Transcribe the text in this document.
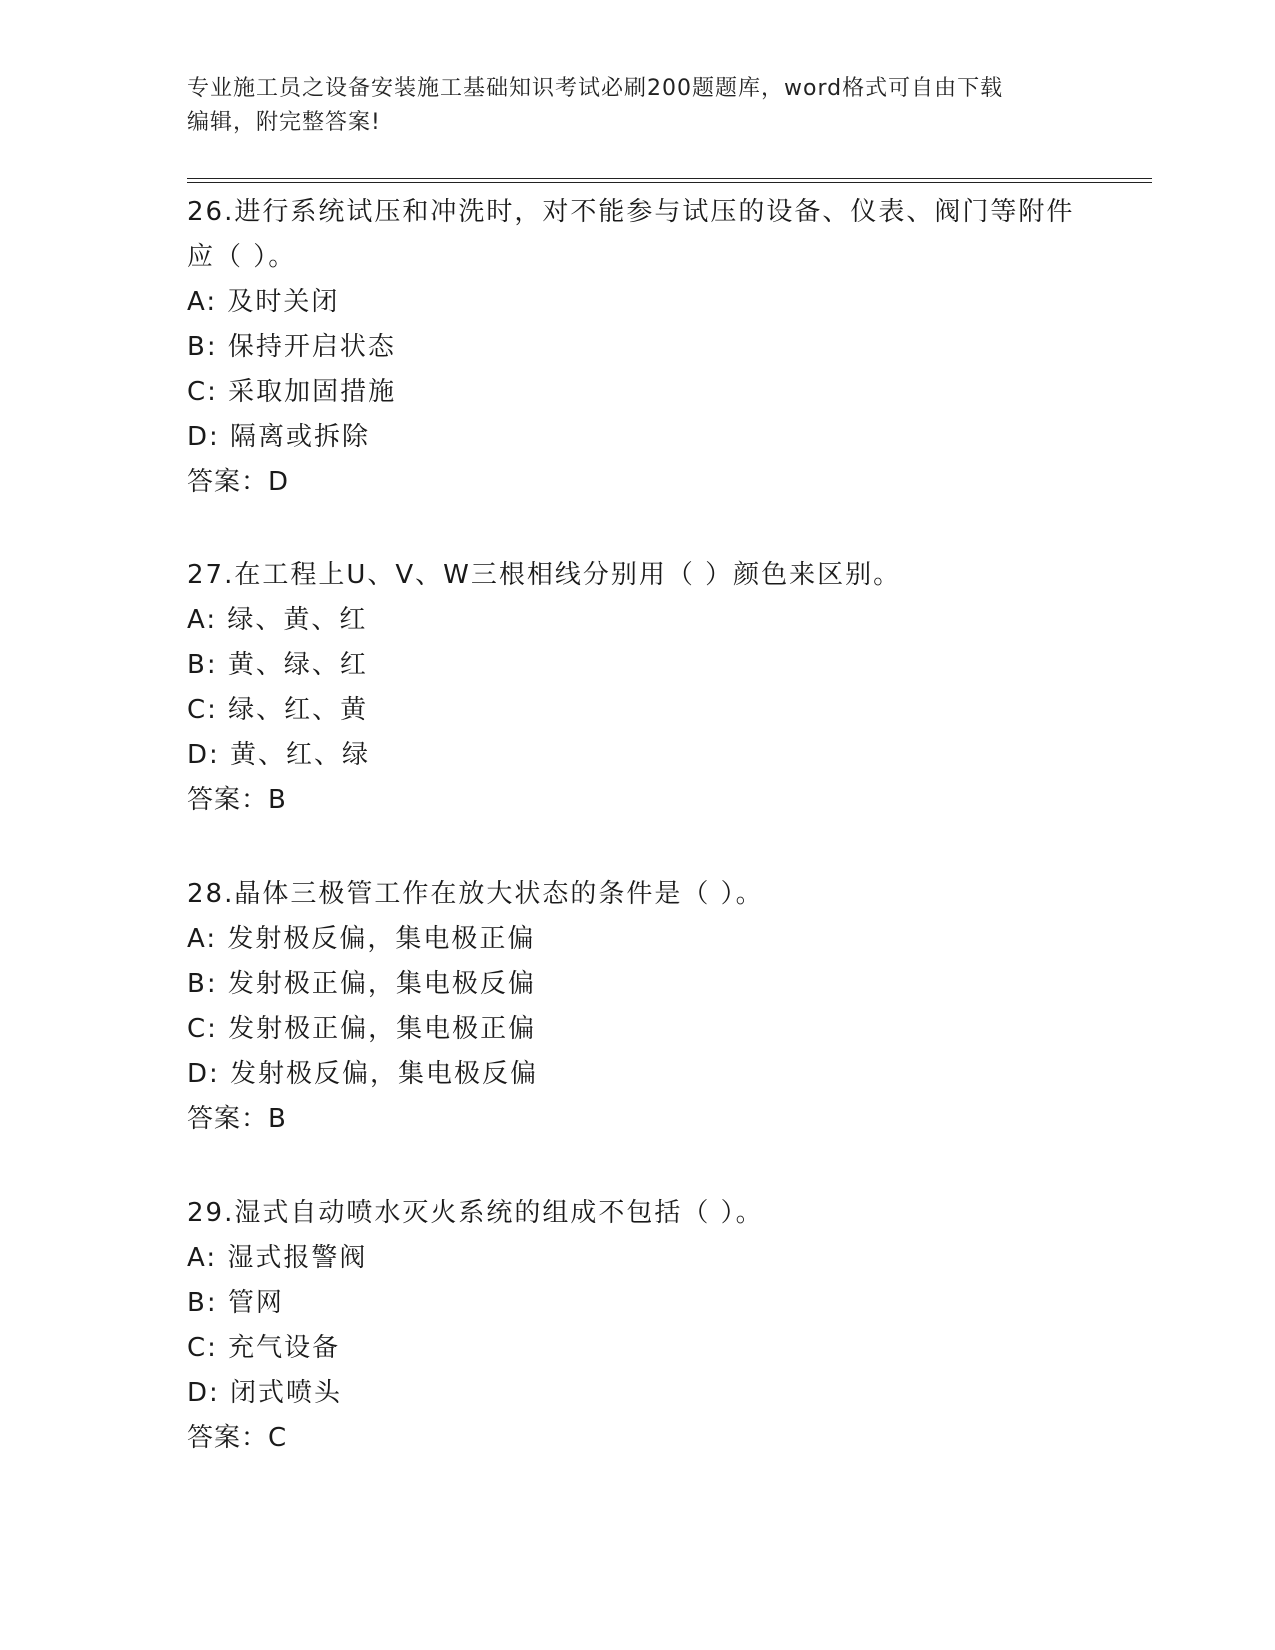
专业施工员之设备安装施工基础知识考试必刷200题题库，word格式可自由下载
编辑，附完整答案!

26.进行系统试压和冲洗时，对不能参与试压的设备、仪表、阀门等附件应（ ）。

A: 及时关闭

B: 保持开启状态

C: 采取加固措施

D: 隔离或拆除

答案：D

27.在工程上U、V、W三根相线分别用（ ）颜色来区别。

A: 绿、黄、红

B: 黄、绿、红

C: 绿、红、黄

D: 黄、红、绿

答案：B

28.晶体三极管工作在放大状态的条件是（ ）。

A: 发射极反偏，集电极正偏

B: 发射极正偏，集电极反偏

C: 发射极正偏，集电极正偏

D: 发射极反偏，集电极反偏

答案：B

29.湿式自动喷水灭火系统的组成不包括（ ）。

A: 湿式报警阀

B: 管网

C: 充气设备

D: 闭式喷头

答案：C
